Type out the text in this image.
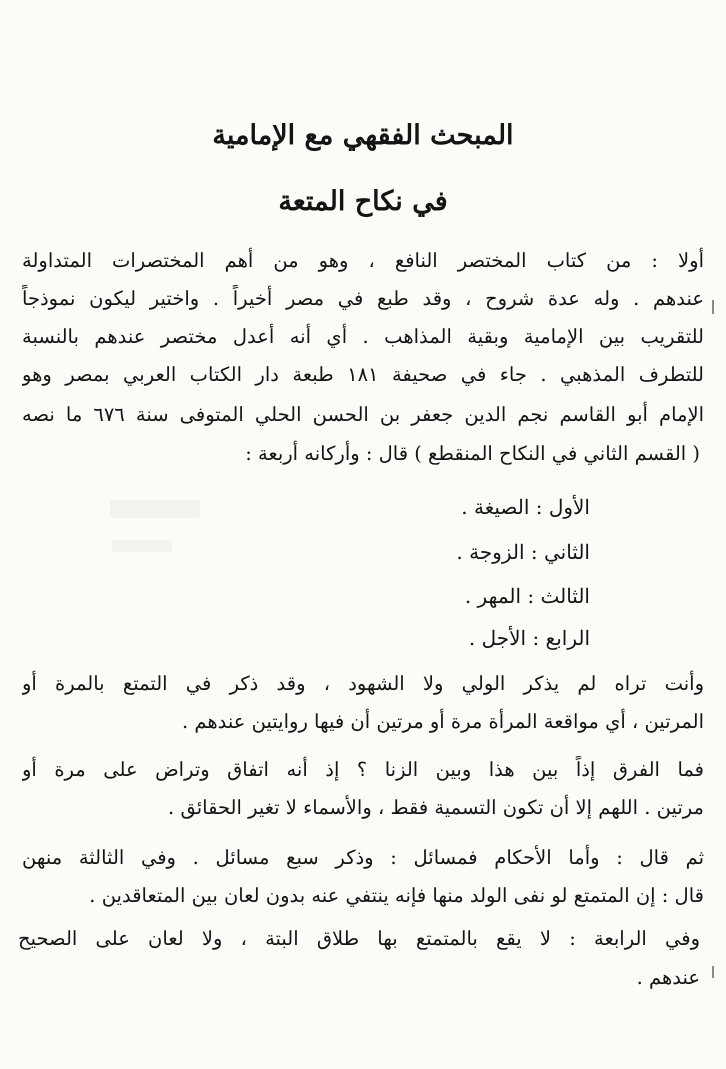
المبحث الفقهي مع الإمامية
في نكاح المتعة

أولا : من كتاب المختصر النافع ، وهو من أهم المختصرات المتداولة

عندهم . وله عدة شروح ، وقد طبع في مصر أخيراً . واختير ليكون نموذجاً

للتقريب بين الإمامية وبقية المذاهب . أي أنه أعدل مختصر عندهم بالنسبة

للتطرف المذهبي . جاء في صحيفة ١٨١ طبعة دار الكتاب العربي بمصر وهو

الإمام أبو القاسم نجم الدين جعفر بن الحسن الحلي المتوفى سنة ٦٧٦ ما نصه

( القسم الثاني في النكاح المنقطع ) قال : وأركانه أربعة :

الأول : الصيغة .

الثاني : الزوجة .

الثالث : المهر .

الرابع : الأجل .

وأنت تراه لم يذكر الولي ولا الشهود ، وقد ذكر في التمتع بالمرة أو

المرتين ، أي مواقعة المرأة مرة أو مرتين أن فيها روايتين عندهم .

فما الفرق إذاً بين هذا وبين الزنا ؟ إذ أنه اتفاق وتراض على مرة أو

مرتين . اللهم إلا أن تكون التسمية فقط ، والأسماء لا تغير الحقائق .

ثم قال : وأما الأحكام فمسائل : وذكر سبع مسائل . وفي الثالثة منهن

قال : إن المتمتع لو نفى الولد منها فإنه ينتفي عنه بدون لعان بين المتعاقدين .

وفي الرابعة : لا يقع بالمتمتع بها طلاق البتة ، ولا لعان على الصحيح

عندهم .
